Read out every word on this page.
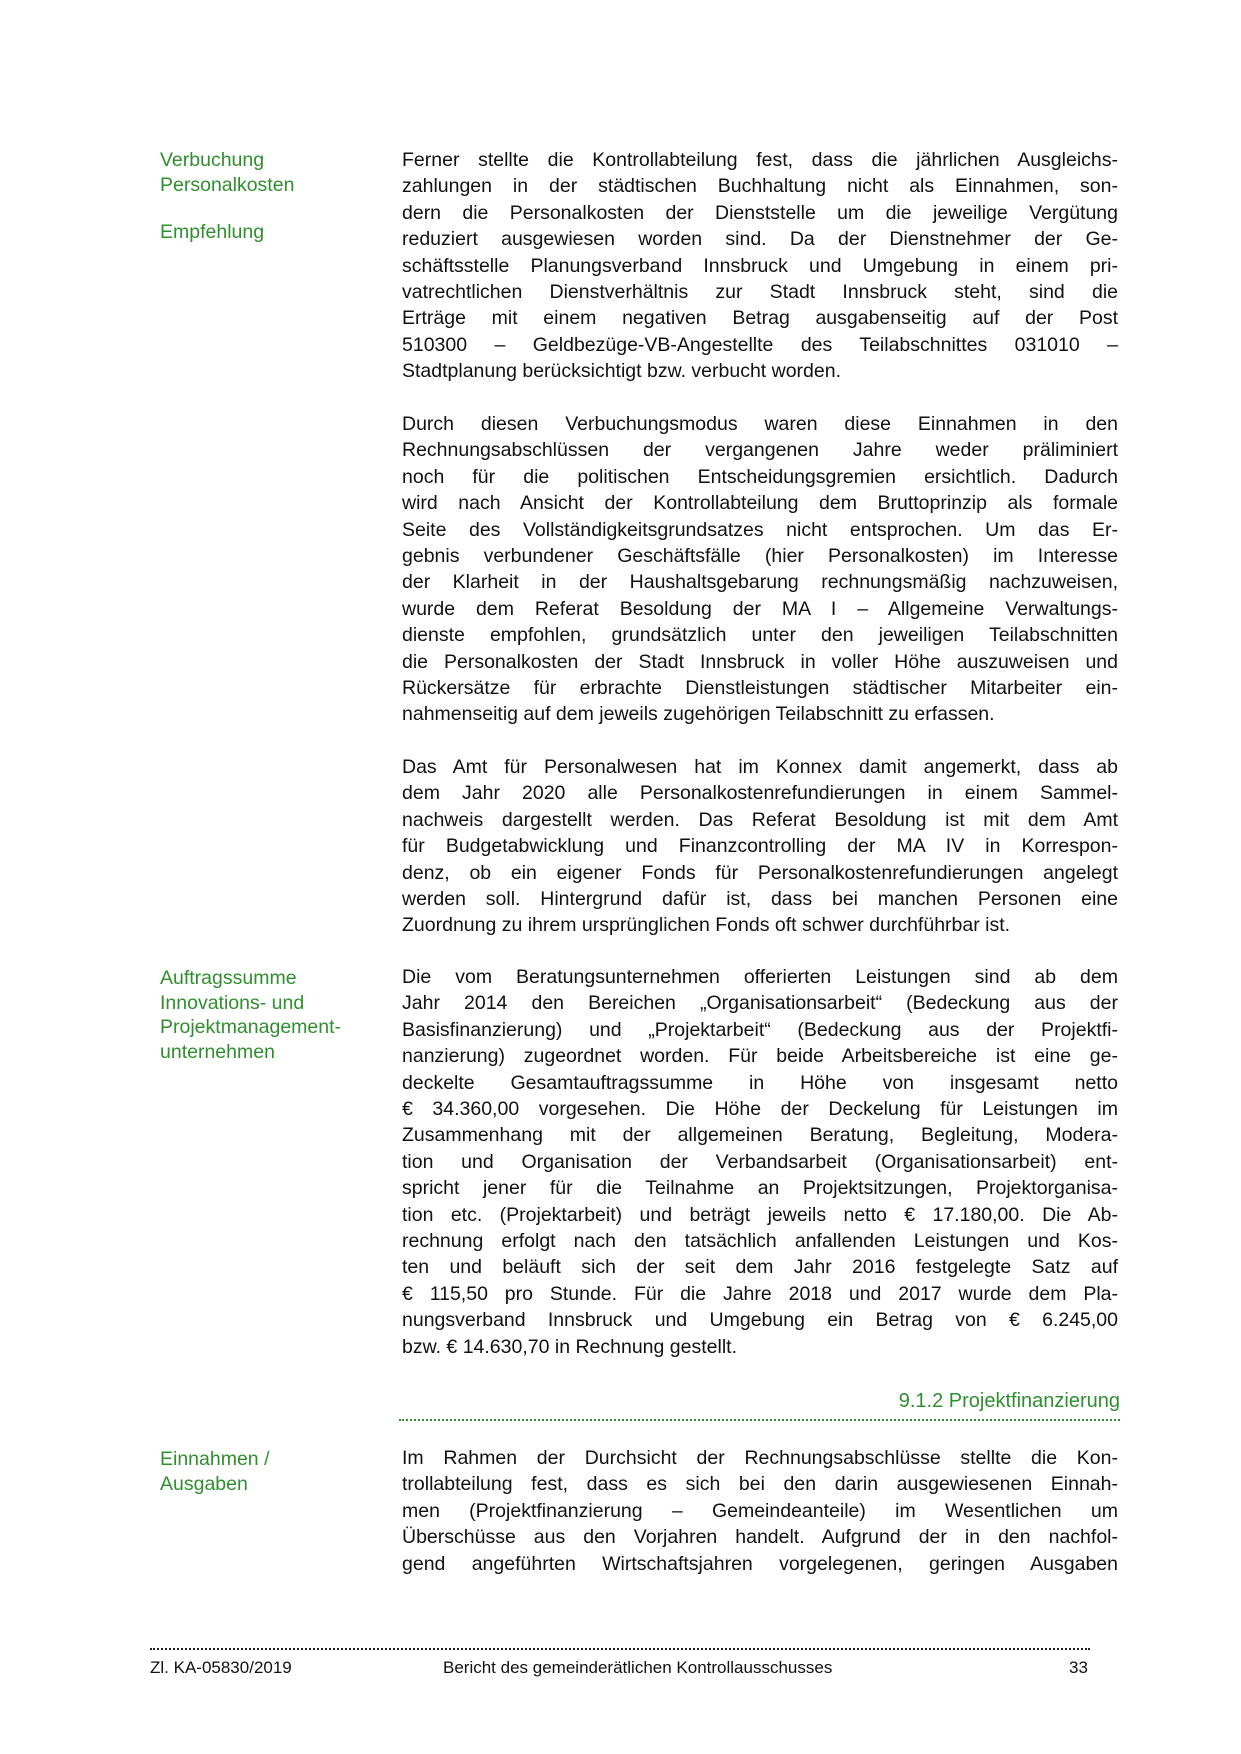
Verbuchung
Personalkosten
Empfehlung
Auftragssumme
Innovations- und
Projektmanagement-
unternehmen
Einnahmen /
Ausgaben
Ferner stellte die Kontrollabteilung fest, dass die jährlichen Ausgleichs-
zahlungen in der städtischen Buchhaltung nicht als Einnahmen, son-
dern die Personalkosten der Dienststelle um die jeweilige Vergütung
reduziert ausgewiesen worden sind. Da der Dienstnehmer der Ge-
schäftsstelle Planungsverband Innsbruck und Umgebung in einem pri-
vatrechtlichen Dienstverhältnis zur Stadt Innsbruck steht, sind die
Erträge mit einem negativen Betrag ausgabenseitig auf der Post
510300 – Geldbezüge-VB-Angestellte des Teilabschnittes 031010 –
Stadtplanung berücksichtigt bzw. verbucht worden.
Durch diesen Verbuchungsmodus waren diese Einnahmen in den
Rechnungsabschlüssen der vergangenen Jahre weder präliminiert
noch für die politischen Entscheidungsgremien ersichtlich. Dadurch
wird nach Ansicht der Kontrollabteilung dem Bruttoprinzip als formale
Seite des Vollständigkeitsgrundsatzes nicht entsprochen. Um das Er-
gebnis verbundener Geschäftsfälle (hier Personalkosten) im Interesse
der Klarheit in der Haushaltsgebarung rechnungsmäßig nachzuweisen,
wurde dem Referat Besoldung der MA I – Allgemeine Verwaltungs-
dienste empfohlen, grundsätzlich unter den jeweiligen Teilabschnitten
die Personalkosten der Stadt Innsbruck in voller Höhe auszuweisen und
Rückersätze für erbrachte Dienstleistungen städtischer Mitarbeiter ein-
nahmenseitig auf dem jeweils zugehörigen Teilabschnitt zu erfassen.
Das Amt für Personalwesen hat im Konnex damit angemerkt, dass ab
dem Jahr 2020 alle Personalkostenrefundierungen in einem Sammel-
nachweis dargestellt werden. Das Referat Besoldung ist mit dem Amt
für Budgetabwicklung und Finanzcontrolling der MA IV in Korrespon-
denz, ob ein eigener Fonds für Personalkostenrefundierungen angelegt
werden soll. Hintergrund dafür ist, dass bei manchen Personen eine
Zuordnung zu ihrem ursprünglichen Fonds oft schwer durchführbar ist.
Die vom Beratungsunternehmen offerierten Leistungen sind ab dem
Jahr 2014 den Bereichen „Organisationsarbeit“ (Bedeckung aus der
Basisfinanzierung) und „Projektarbeit“ (Bedeckung aus der Projektfi-
nanzierung) zugeordnet worden. Für beide Arbeitsbereiche ist eine ge-
deckelte Gesamtauftragssumme in Höhe von insgesamt netto
€ 34.360,00 vorgesehen. Die Höhe der Deckelung für Leistungen im
Zusammenhang mit der allgemeinen Beratung, Begleitung, Modera-
tion und Organisation der Verbandsarbeit (Organisationsarbeit) ent-
spricht jener für die Teilnahme an Projektsitzungen, Projektorganisa-
tion etc. (Projektarbeit) und beträgt jeweils netto € 17.180,00. Die Ab-
rechnung erfolgt nach den tatsächlich anfallenden Leistungen und Kos-
ten und beläuft sich der seit dem Jahr 2016 festgelegte Satz auf
€ 115,50 pro Stunde. Für die Jahre 2018 und 2017 wurde dem Pla-
nungsverband Innsbruck und Umgebung ein Betrag von € 6.245,00
bzw. € 14.630,70 in Rechnung gestellt.
9.1.2 Projektfinanzierung
Im Rahmen der Durchsicht der Rechnungsabschlüsse stellte die Kon-
trollabteilung fest, dass es sich bei den darin ausgewiesenen Einnah-
men (Projektfinanzierung – Gemeindeanteile) im Wesentlichen um
Überschüsse aus den Vorjahren handelt. Aufgrund der in den nachfol-
gend angeführten Wirtschaftsjahren vorgelegenen, geringen Ausgaben
Zl. KA-05830/2019	Bericht des gemeinderätlichen Kontrollausschusses	33
